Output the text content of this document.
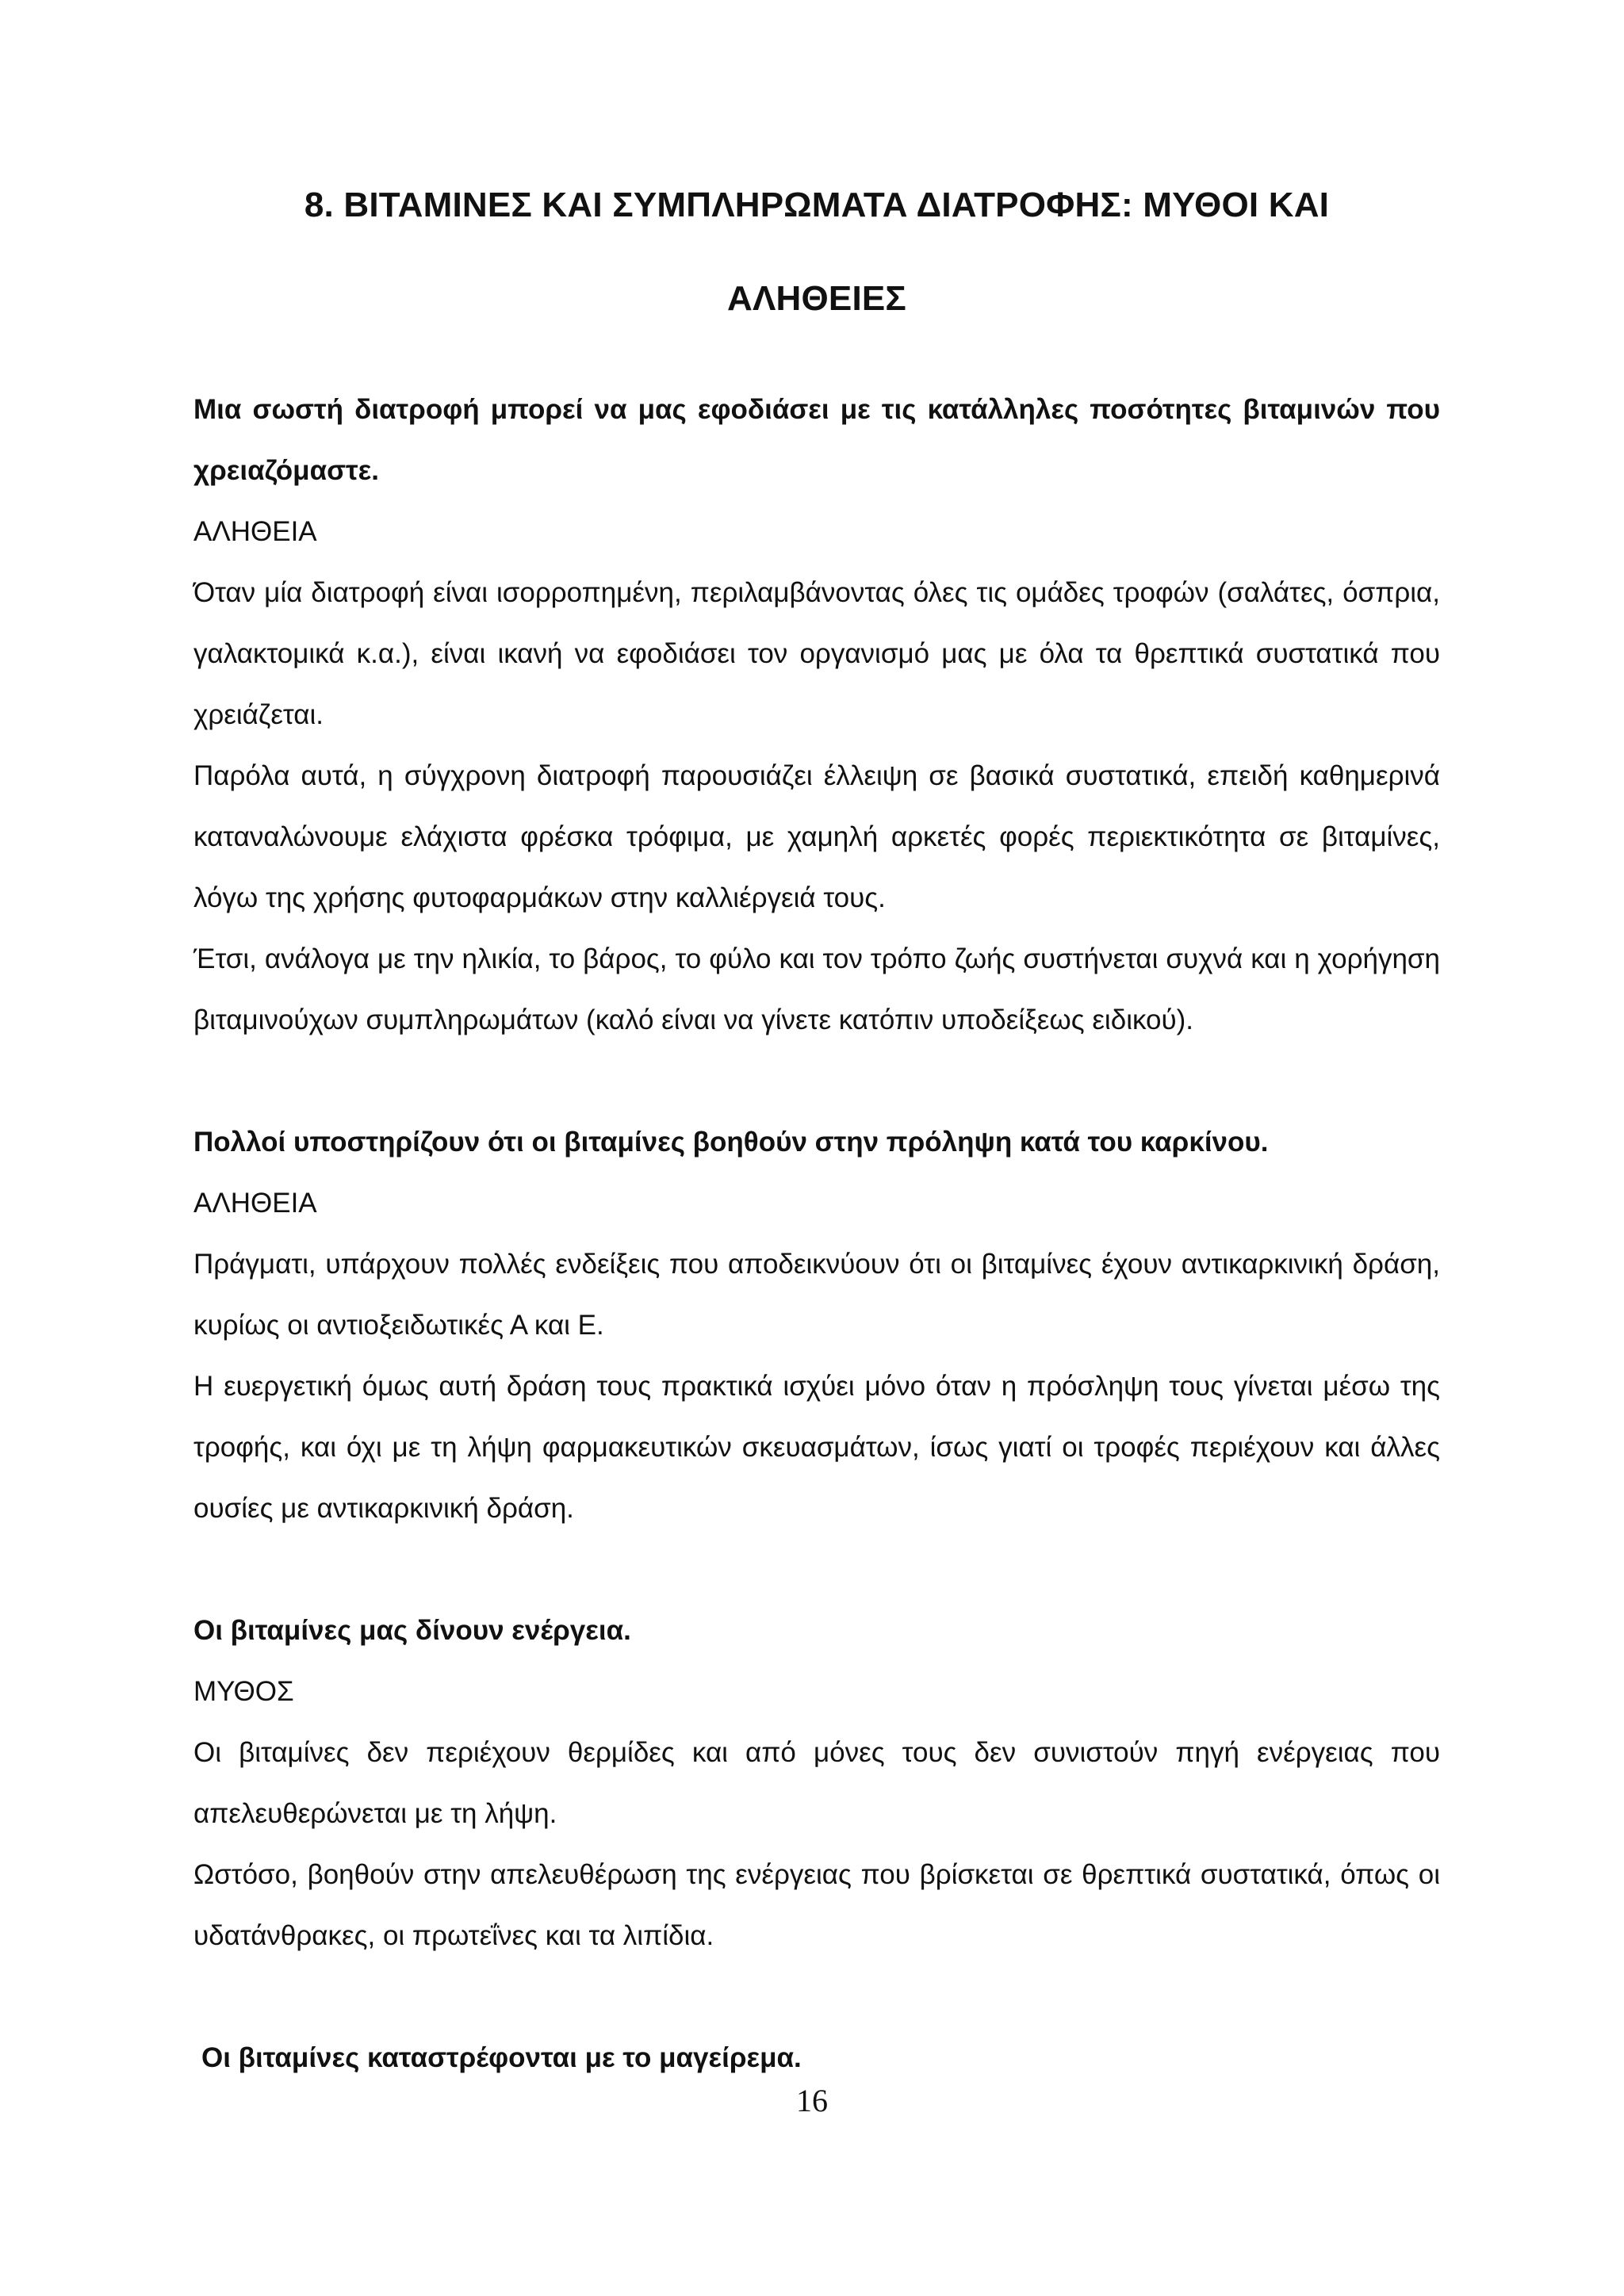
8. ΒΙΤΑΜΙΝΕΣ ΚΑΙ ΣΥΜΠΛΗΡΩΜΑΤΑ ΔΙΑΤΡΟΦΗΣ: ΜΥΘΟΙ ΚΑΙ
ΑΛΗΘΕΙΕΣ

Μια σωστή διατροφή μπορεί να μας εφοδιάσει με τις κατάλληλες ποσότητες βιταμινών που χρειαζόμαστε.

ΑΛΗΘΕΙΑ

Όταν μία διατροφή είναι ισορροπημένη, περιλαμβάνοντας όλες τις ομάδες τροφών (σαλάτες, όσπρια, γαλακτομικά κ.α.), είναι ικανή να εφοδιάσει τον οργανισμό μας με όλα τα θρεπτικά συστατικά που χρειάζεται.

Παρόλα αυτά, η σύγχρονη διατροφή παρουσιάζει έλλειψη σε βασικά συστατικά, επειδή καθημερινά καταναλώνουμε ελάχιστα φρέσκα τρόφιμα, με χαμηλή αρκετές φορές περιεκτικότητα σε βιταμίνες, λόγω της χρήσης φυτοφαρμάκων στην καλλιέργειά τους.

Έτσι, ανάλογα με την ηλικία, το βάρος, το φύλο και τον τρόπο ζωής συστήνεται συχνά και η χορήγηση βιταμινούχων συμπληρωμάτων (καλό είναι να γίνετε κατόπιν υποδείξεως ειδικού).

Πολλοί υποστηρίζουν ότι οι βιταμίνες βοηθούν στην πρόληψη κατά του καρκίνου.

ΑΛΗΘΕΙΑ

Πράγματι, υπάρχουν πολλές ενδείξεις που αποδεικνύουν ότι οι βιταμίνες έχουν αντικαρκινική δράση, κυρίως οι αντιοξειδωτικές Α και Ε.

Η ευεργετική όμως αυτή δράση τους πρακτικά ισχύει μόνο όταν η πρόσληψη τους γίνεται μέσω της τροφής, και όχι με τη λήψη φαρμακευτικών σκευασμάτων, ίσως γιατί οι τροφές περιέχουν και άλλες ουσίες με αντικαρκινική δράση.

Οι βιταμίνες μας δίνουν ενέργεια.

ΜΥΘΟΣ

Οι βιταμίνες δεν περιέχουν θερμίδες και από μόνες τους δεν συνιστούν πηγή ενέργειας που απελευθερώνεται με τη λήψη.

Ωστόσο, βοηθούν στην απελευθέρωση της ενέργειας που βρίσκεται σε θρεπτικά συστατικά, όπως οι υδατάνθρακες, οι πρωτεΐνες και τα λιπίδια.

Οι βιταμίνες καταστρέφονται με το μαγείρεμα.

16
